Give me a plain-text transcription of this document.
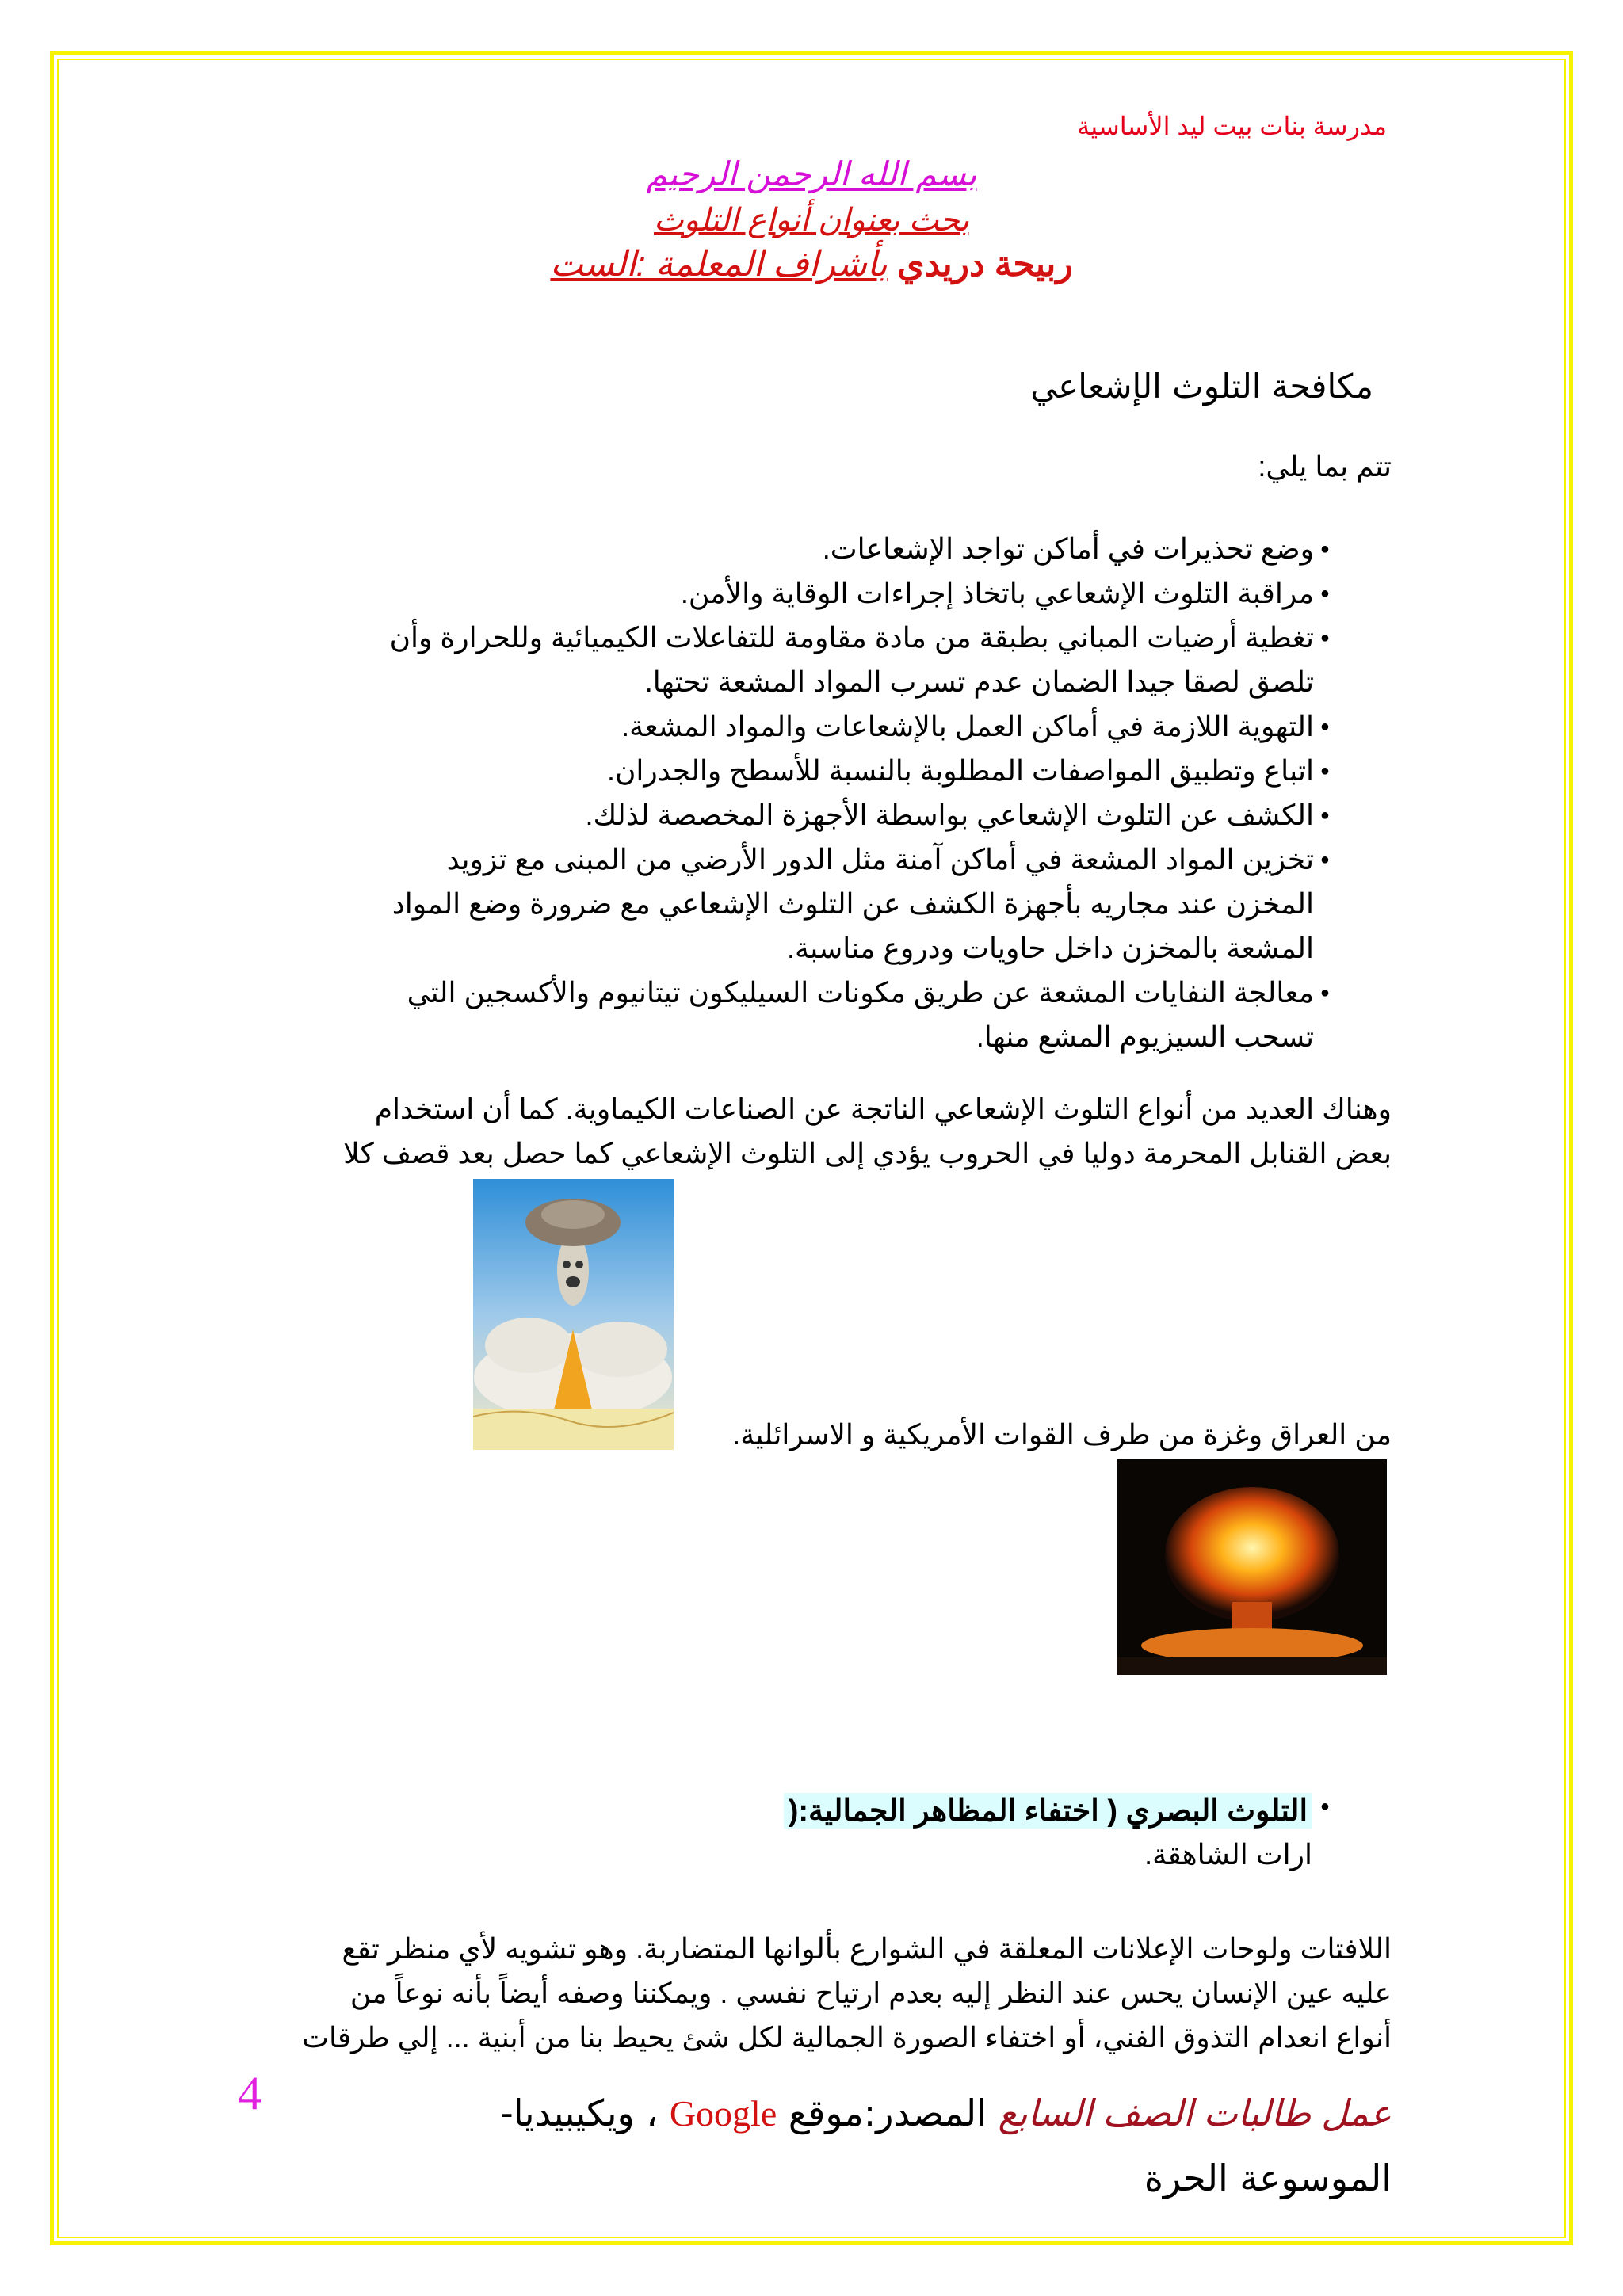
مدرسة بنات بيت ليد الأساسية
بسم الله الرحمن الرحيم
بحث بعنوان أنواع التلوث
ربيحة دريدي بأشراف المعلمة :الست
مكافحة التلوث الإشعاعي
تتم بما يلي:
● وضع تحذيرات في أماكن تواجد الإشعاعات.
● مراقبة التلوث الإشعاعي باتخاذ إجراءات الوقاية والأمن.
● تغطية أرضيات المباني بطبقة من مادة مقاومة للتفاعلات الكيميائية وللحرارة وأن
تلصق لصقا جيدا الضمان عدم تسرب المواد المشعة تحتها.
● التهوية اللازمة في أماكن العمل بالإشعاعات والمواد المشعة.
● اتباع وتطبيق المواصفات المطلوبة بالنسبة للأسطح والجدران.
● الكشف عن التلوث الإشعاعي بواسطة الأجهزة المخصصة لذلك.
● تخزين المواد المشعة في أماكن آمنة مثل الدور الأرضي من المبنى مع تزويد
المخزن عند مجاريه بأجهزة الكشف عن التلوث الإشعاعي مع ضرورة وضع المواد
المشعة بالمخزن داخل حاويات ودروع مناسبة.
● معالجة النفايات المشعة عن طريق مكونات السيليكون تيتانيوم والأكسجين التي
تسحب السيزيوم المشع منها.
وهناك العديد من أنواع التلوث الإشعاعي الناتجة عن الصناعات الكيماوية. كما أن استخدام
بعض القنابل المحرمة دوليا في الحروب يؤدي إلى التلوث الإشعاعي كما حصل بعد قصف كلا
من العراق وغزة من طرف القوات الأمريكية و الاسرائلية.
● التلوث البصري ( اختفاء المظاهر الجمالية:(
ارات الشاهقة.
اللافتات ولوحات الإعلانات المعلقة في الشوارع بألوانها المتضاربة. وهو تشويه لأي منظر تقع
عليه عين الإنسان يحس عند النظر إليه بعدم ارتياح نفسي . ويمكننا وصفه أيضاً بأنه نوعاً من
أنواع انعدام التذوق الفني، أو اختفاء الصورة الجمالية لكل شئ يحيط بنا من أبنية ... إلي طرقات
4	عمل طالبات الصف السابع المصدر:موقع Google ، ويكيبيديا-
الموسوعة الحرة
